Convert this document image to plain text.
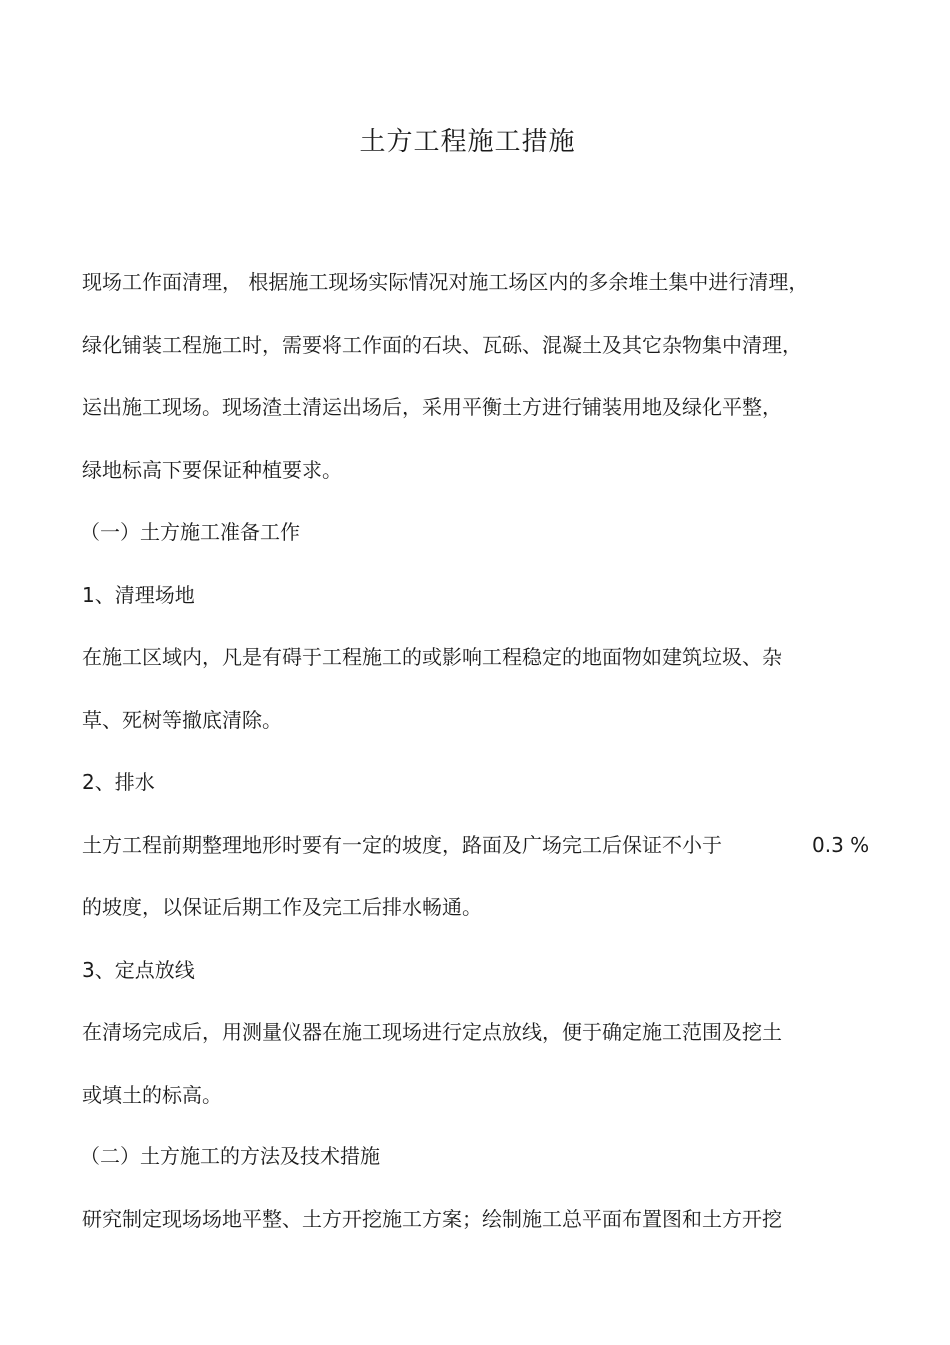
土方工程施工措施

现场工作面清理， 根据施工现场实际情况对施工场区内的多余堆土集中进行清理，

绿化铺装工程施工时，需要将工作面的石块、瓦砾、混凝土及其它杂物集中清理，

运出施工现场。现场渣土清运出场后，采用平衡土方进行铺装用地及绿化平整，

绿地标高下要保证种植要求。

（一）土方施工准备工作

1、清理场地

在施工区域内，凡是有碍于工程施工的或影响工程稳定的地面物如建筑垃圾、杂

草、死树等撤底清除。

2、排水

土方工程前期整理地形时要有一定的坡度，路面及广场完工后保证不小于	0.3 %

的坡度，以保证后期工作及完工后排水畅通。

3、定点放线

在清场完成后，用测量仪器在施工现场进行定点放线，便于确定施工范围及挖土

或填土的标高。

（二）土方施工的方法及技术措施

研究制定现场场地平整、土方开挖施工方案；绘制施工总平面布置图和土方开挖
